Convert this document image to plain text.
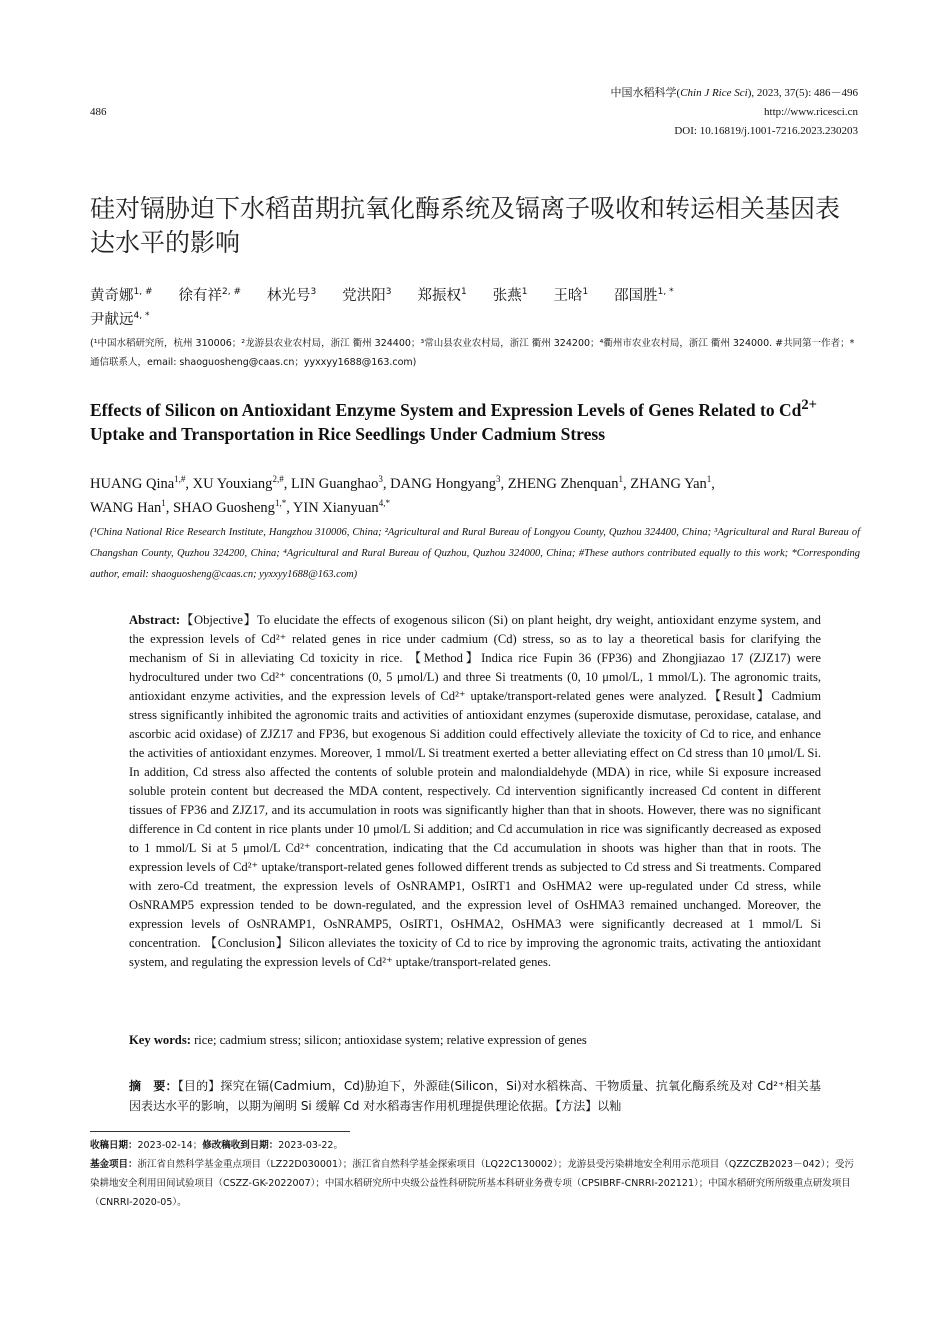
486
中国水稻科学(Chin J Rice Sci), 2023, 37(5): 486－496
http://www.ricesci.cn
DOI: 10.16819/j.1001-7216.2023.230203
硅对镉胁迫下水稻苗期抗氧化酶系统及镉离子吸收和转运相关基因表达水平的影响
黄奇娜$^{1, \#}$ 徐有祥$^{2, \#}$ 林光号$^3$ 党洪阳$^3$ 郑振权$^1$ 张燕$^1$ 王晗$^1$ 邵国胜$^{1, *}$
尹献远$^{4, *}$
(¹中国水稻研究所，杭州 310006；²龙游县农业农村局，浙江 衢州 324400；³常山县农业农村局，浙江 衢州 324200；⁴衢州市农业农村局，浙江 衢州 324000. #共同第一作者；*通信联系人，email: shaoguosheng@caas.cn；yyxxyy1688@163.com)
Effects of Silicon on Antioxidant Enzyme System and Expression Levels of Genes Related to $Cd^{2+}$ Uptake and Transportation in Rice Seedlings Under Cadmium Stress
HUANG Qina$^{1,\#}$, XU Youxiang$^{2,\#}$, LIN Guanghao$^3$, DANG Hongyang$^3$, ZHENG Zhenquan$^1$, ZHANG Yan$^1$,
WANG Han$^1$, SHAO Guosheng$^{1,*}$, YIN Xianyuan$^{4,*}$
(¹China National Rice Research Institute, Hangzhou 310006, China; ²Agricultural and Rural Bureau of Longyou County, Quzhou 324400, China; ³Agricultural and Rural Bureau of Changshan County, Quzhou 324200, China; ⁴Agricultural and Rural Bureau of Quzhou, Quzhou 324000, China; #These authors contributed equally to this work; *Corresponding author, email: shaoguosheng@caas.cn; yyxxyy1688@163.com)
Abstract:【Objective】To elucidate the effects of exogenous silicon (Si) on plant height, dry weight, antioxidant enzyme system, and the expression levels of Cd²⁺ related genes in rice under cadmium (Cd) stress, so as to lay a theoretical basis for clarifying the mechanism of Si in alleviating Cd toxicity in rice. 【Method】Indica rice Fupin 36 (FP36) and Zhongjiazao 17 (ZJZ17) were hydrocultured under two Cd²⁺ concentrations (0, 5 μmol/L) and three Si treatments (0, 10 μmol/L, 1 mmol/L). The agronomic traits, antioxidant enzyme activities, and the expression levels of Cd²⁺ uptake/transport-related genes were analyzed.【Result】Cadmium stress significantly inhibited the agronomic traits and activities of antioxidant enzymes (superoxide dismutase, peroxidase, catalase, and ascorbic acid oxidase) of ZJZ17 and FP36, but exogenous Si addition could effectively alleviate the toxicity of Cd to rice, and enhance the activities of antioxidant enzymes. Moreover, 1 mmol/L Si treatment exerted a better alleviating effect on Cd stress than 10 μmol/L Si. In addition, Cd stress also affected the contents of soluble protein and malondialdehyde (MDA) in rice, while Si exposure increased soluble protein content but decreased the MDA content, respectively. Cd intervention significantly increased Cd content in different tissues of FP36 and ZJZ17, and its accumulation in roots was significantly higher than that in shoots. However, there was no significant difference in Cd content in rice plants under 10 μmol/L Si addition; and Cd accumulation in rice was significantly decreased as exposed to 1 mmol/L Si at 5 μmol/L Cd²⁺ concentration, indicating that the Cd accumulation in shoots was higher than that in roots. The expression levels of Cd²⁺ uptake/transport-related genes followed different trends as subjected to Cd stress and Si treatments. Compared with zero-Cd treatment, the expression levels of OsNRAMP1, OsIRT1 and OsHMA2 were up-regulated under Cd stress, while OsNRAMP5 expression tended to be down-regulated, and the expression level of OsHMA3 remained unchanged. Moreover, the expression levels of OsNRAMP1, OsNRAMP5, OsIRT1, OsHMA2, OsHMA3 were significantly decreased at 1 mmol/L Si concentration. 【Conclusion】Silicon alleviates the toxicity of Cd to rice by improving the agronomic traits, activating the antioxidant system, and regulating the expression levels of Cd²⁺ uptake/transport-related genes.
Key words: rice; cadmium stress; silicon; antioxidase system; relative expression of genes
摘　要：【目的】探究在镉(Cadmium，Cd)胁迫下，外源硅(Silicon，Si)对水稻株高、干物质量、抗氧化酶系统及对 Cd²⁺相关基因表达水平的影响，以期为阐明 Si 缓解 Cd 对水稻毒害作用机理提供理论依据。【方法】以籼
收稿日期：2023-02-14；修改稿收到日期：2023-03-22。
基金项目：浙江省自然科学基金重点项目（LZ22D030001）；浙江省自然科学基金探索项目（LQ22C130002）；龙游县受污染耕地安全利用示范项目（QZZCZB2023－042）；受污染耕地安全利用田间试验项目（CSZZ-GK-2022007）；中国水稻研究所中央级公益性科研院所基本科研业务费专项（CPSIBRF-CNRRI-202121）；中国水稻研究所所级重点研发项目（CNRRI-2020-05）。
